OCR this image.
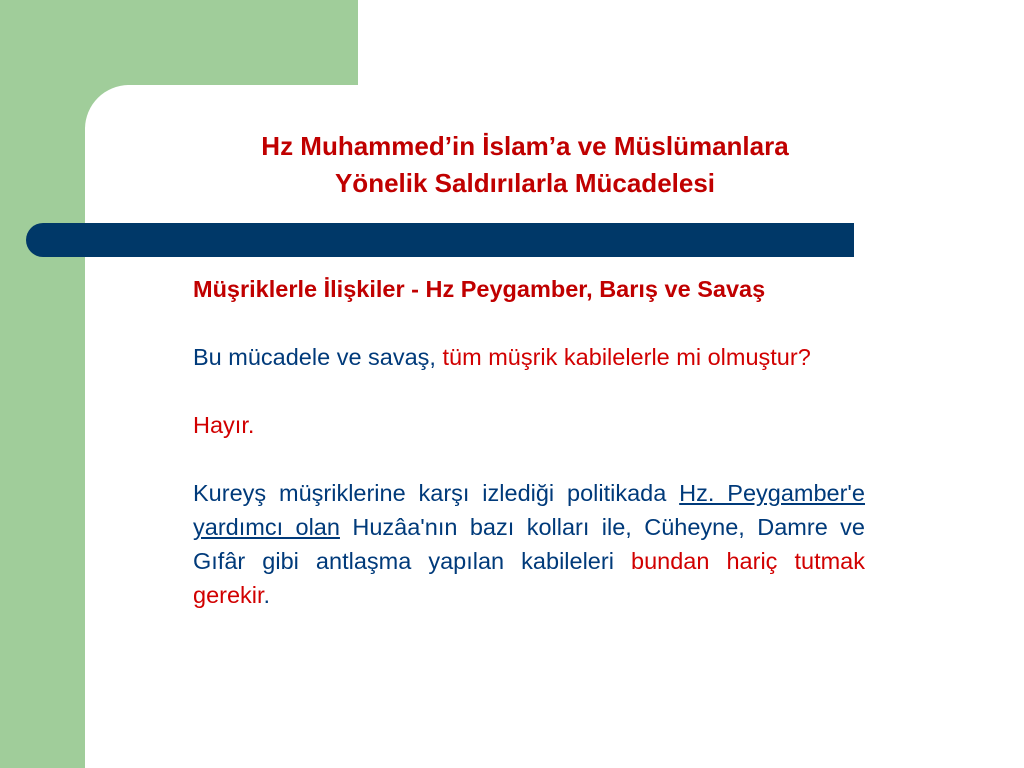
Hz Muhammed’in İslam’a ve Müslümanlara
Yönelik Saldırılarla Mücadelesi

Müşriklerle İlişkiler - Hz Peygamber, Barış ve Savaş

Bu mücadele ve savaş, tüm müşrik kabilelerle mi olmuştur?

Hayır.

Kureyş müşriklerine karşı izlediği politikada Hz. Peygamber'e yardımcı olan Huzâa'nın bazı kolları ile, Cüheyne, Damre ve Gıfâr gibi antlaşma yapılan kabileleri bundan hariç tutmak gerekir.
